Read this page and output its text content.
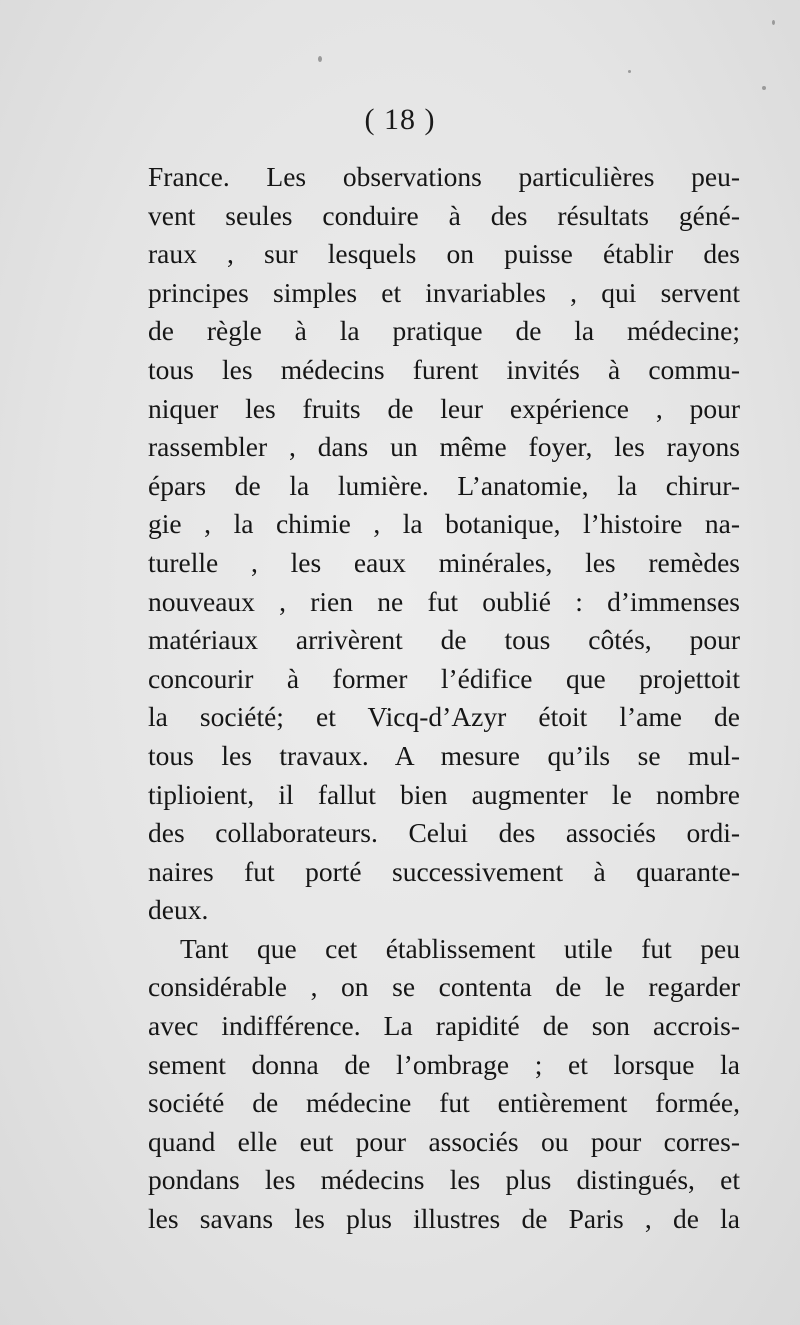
( 18 )
France. Les observations particulières peu-
vent seules conduire à des résultats géné-
raux , sur lesquels on puisse établir des
principes simples et invariables , qui servent
de règle à la pratique de la médecine;
tous les médecins furent invités à commu-
niquer les fruits de leur expérience , pour
rassembler , dans un même foyer, les rayons
épars de la lumière. L’anatomie, la chirur-
gie , la chimie , la botanique, l’histoire na-
turelle , les eaux minérales, les remèdes
nouveaux , rien ne fut oublié : d’immenses
matériaux arrivèrent de tous côtés, pour
concourir à former l’édifice que projettoit
la société; et Vicq-d’Azyr étoit l’ame de
tous les travaux. A mesure qu’ils se mul-
tiplioient, il fallut bien augmenter le nombre
des collaborateurs. Celui des associés ordi-
naires fut porté successivement à quarante-
deux.
Tant que cet établissement utile fut peu
considérable , on se contenta de le regarder
avec indifférence. La rapidité de son accrois-
sement donna de l’ombrage ; et lorsque la
société de médecine fut entièrement formée,
quand elle eut pour associés ou pour corres-
pondans les médecins les plus distingués, et
les savans les plus illustres de Paris , de la
